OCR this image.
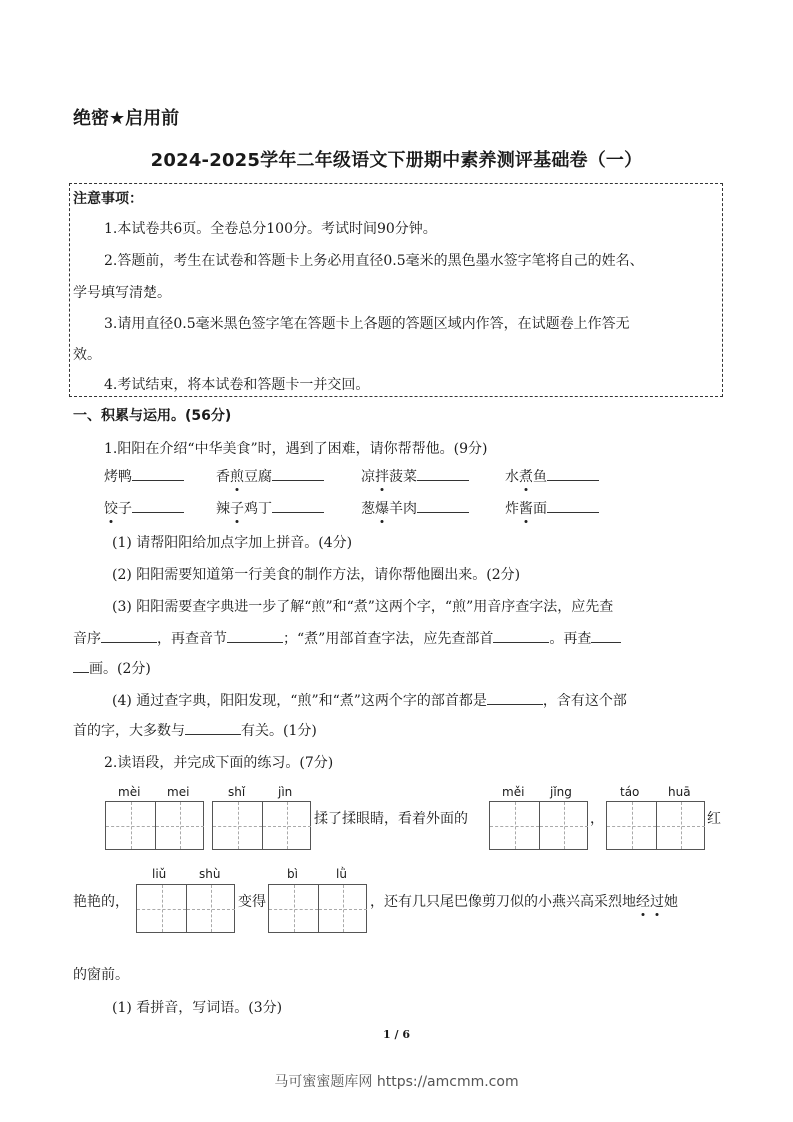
绝密★启用前
2024-2025学年二年级语文下册期中素养测评基础卷（一）
注意事项：
1.本试卷共6页。全卷总分100分。考试时间90分钟。
2.答题前，考生在试卷和答题卡上务必用直径0.5毫米的黑色墨水签字笔将自己的姓名、
学号填写清楚。
3.请用直径0.5毫米黑色签字笔在答题卡上各题的答题区域内作答，在试题卷上作答无
效。
4.考试结束，将本试卷和答题卡一并交回。
一、积累与运用。(56分)
1.阳阳在介绍“中华美食”时，遇到了困难，请你帮帮他。(9分)
烤鸭	香煎豆腐	凉拌菠菜	水煮鱼
饺子	辣子鸡丁	葱爆羊肉	炸酱面
(1) 请帮阳阳给加点字加上拼音。(4分)
(2) 阳阳需要知道第一行美食的制作方法，请你帮他圈出来。(2分)
(3) 阳阳需要查字典进一步了解“煎”和“煮”这两个字，“煎”用音序查字法，应先查
音序	，再查音节	；“煮”用部首查字法，应先查部首	。再查
画。(2分)
(4) 通过查字典，阳阳发现，“煎”和“煮”这两个字的部首都是	，含有这个部
首的字，大多数与	有关。(1分)
2.读语段，并完成下面的练习。(7分)
mèi mei	shǐ	jìn	měi jǐng	táo huā
揉了揉眼睛，看着外面的	，	红
liǔ	shù	bì	lǜ
艳艳的，	变得	，还有几只尾巴像剪刀似的小燕兴高采烈地经过她
的窗前。
(1) 看拼音，写词语。(3分)
1 / 6
马可蜜蜜题库网 https://amcmm.com
